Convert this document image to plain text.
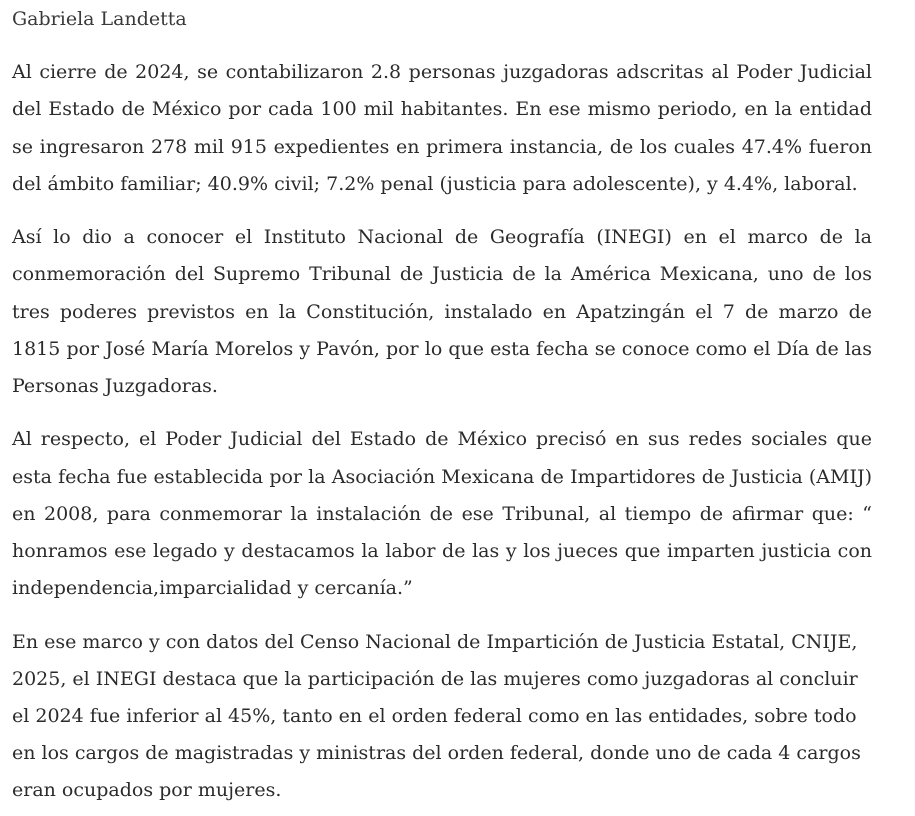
Gabriela Landetta

Al cierre de 2024, se contabilizaron 2.8 personas juzgadoras adscritas al Poder Judicial del Estado de México por cada 100 mil habitantes. En ese mismo periodo, en la entidad se ingresaron 278 mil 915 expedientes en primera instancia, de los cuales 47.4% fueron del ámbito familiar; 40.9% civil; 7.2% penal (justicia para adolescente), y 4.4%, laboral.

Así lo dio a conocer el Instituto Nacional de Geografía (INEGI) en el marco de la conmemoración del Supremo Tribunal de Justicia de la América Mexicana, uno de los tres poderes previstos en la Constitución, instalado en Apatzingán el 7 de marzo de 1815 por José María Morelos y Pavón, por lo que esta fecha se conoce como el Día de las Personas Juzgadoras.

Al respecto, el Poder Judicial del Estado de México precisó en sus redes sociales que esta fecha fue establecida por la Asociación Mexicana de Impartidores de Justicia (AMIJ) en 2008, para conmemorar la instalación de ese Tribunal, al tiempo de afirmar que: “ honramos ese legado y destacamos la labor de las y los jueces que imparten justicia con independencia,imparcialidad y cercanía.”

En ese marco y con datos del Censo Nacional de Impartición de Justicia Estatal, CNIJE, 2025, el INEGI destaca que la participación de las mujeres como juzgadoras al concluir el 2024 fue inferior al 45%, tanto en el orden federal como en las entidades, sobre todo en los cargos de magistradas y ministras del orden federal, donde uno de cada 4 cargos eran ocupados por mujeres.
